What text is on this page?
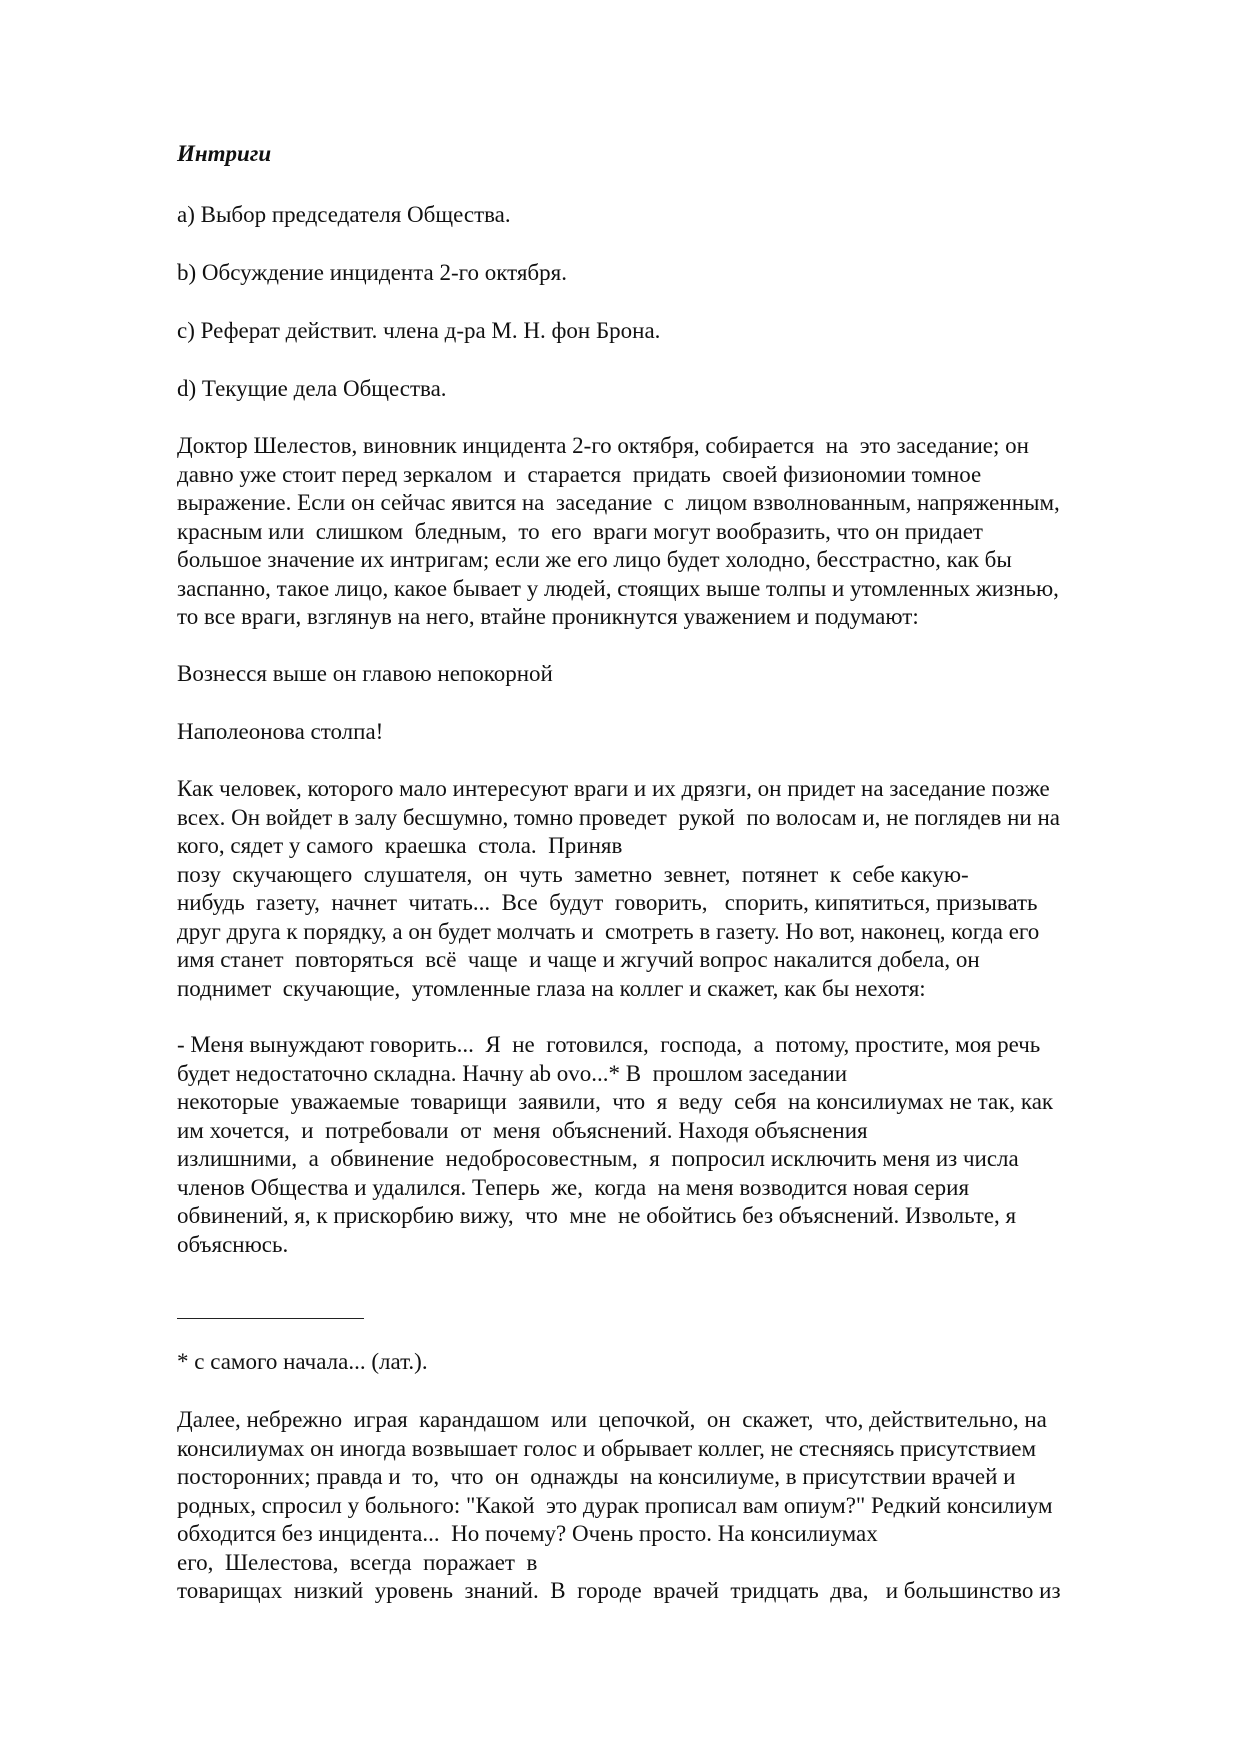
Интриги
a) Выбор председателя Общества.
b) Обсуждение инцидента 2-го октября.
c) Реферат действит. члена д-ра М. Н. фон Брона.
d) Текущие дела Общества.
Доктор Шелестов, виновник инцидента 2-го октября, собирается  на  это заседание; он
давно уже стоит перед зеркалом  и  старается  придать  своей физиономии томное
выражение. Если он сейчас явится на  заседание  с  лицом взволнованным, напряженным,
красным или  слишком  бледным,  то  его  враги могут вообразить, что он придает
большое значение их интригам; если же его лицо будет холодно, бесстрастно, как бы
заспанно, такое лицо, какое бывает у людей, стоящих выше толпы и утомленных жизнью,
то все враги, взглянув на него, втайне проникнутся уважением и подумают:
Вознесся выше он главою непокорной
Наполеонова столпа!
Как человек, которого мало интересуют враги и их дрязги, он придет на заседание позже
всех. Он войдет в залу бесшумно, томно проведет  рукой  по волосам и, не поглядев ни на
кого, сядет у самого  краешка  стола.  Приняв
позу  скучающего  слушателя,  он  чуть  заметно  зевнет,  потянет  к  себе какую-
нибудь  газету,  начнет  читать...  Все  будут  говорить,   спорить, кипятиться, призывать
друг друга к порядку, а он будет молчать и  смотреть в газету. Но вот, наконец, когда его
имя станет  повторяться  всё  чаще  и чаще и жгучий вопрос накалится добела, он
поднимет  скучающие,  утомленные глаза на коллег и скажет, как бы нехотя:
- Меня вынуждают говорить...  Я  не  готовился,  господа,  а  потому, простите, моя речь
будет недостаточно складна. Начну ab ovo...* В  прошлом заседании
некоторые  уважаемые  товарищи  заявили,  что  я  веду  себя  на консилиумах не так, как
им хочется,  и  потребовали  от  меня  объяснений. Находя объяснения
излишними,  а  обвинение  недобросовестным,  я  попросил исключить меня из числа
членов Общества и удалился. Теперь  же,  когда  на меня возводится новая серия
обвинений, я, к прискорбию вижу,  что  мне  не обойтись без объяснений. Извольте, я
объяснюсь.
* с самого начала... (лат.).
Далее, небрежно  играя  карандашом  или  цепочкой,  он  скажет,  что, действительно, на
консилиумах он иногда возвышает голос и обрывает коллег, не стесняясь присутствием
посторонних; правда и  то,  что  он  однажды  на консилиуме, в присутствии врачей и
родных, спросил у больного: "Какой  это дурак прописал вам опиум?" Редкий консилиум
обходится без инцидента...  Но почему? Очень просто. На консилиумах
его,  Шелестова,  всегда  поражает  в
товарищах  низкий  уровень  знаний.  В  городе  врачей  тридцать  два,   и большинство из
